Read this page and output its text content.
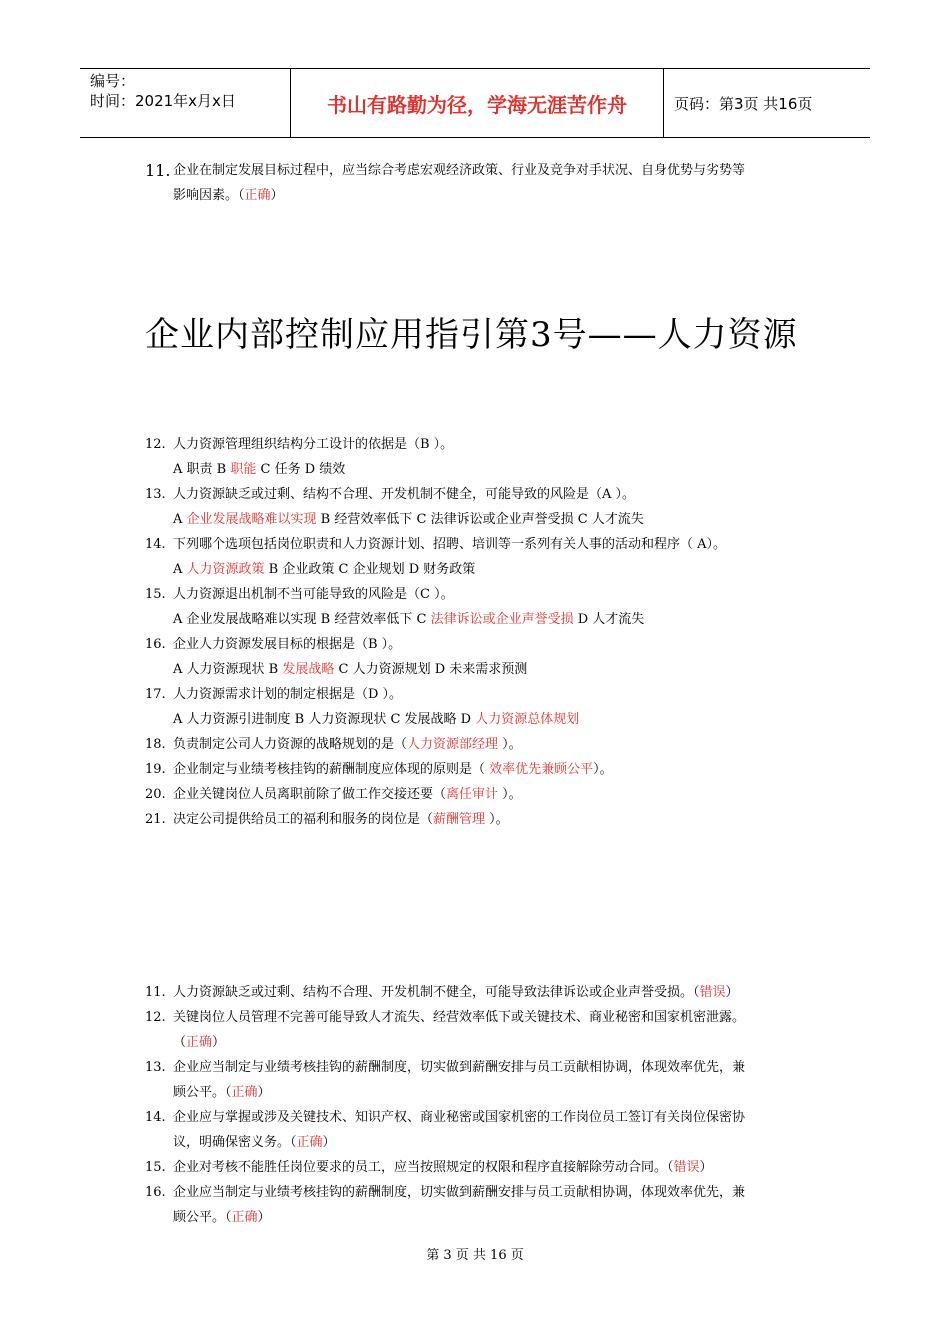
编号：
时间：2021年x月x日	书山有路勤为径，学海无涯苦作舟	页码：第3页 共16页
11. 企业在制定发展目标过程中，应当综合考虑宏观经济政策、行业及竞争对手状况、自身优势与劣势等
影响因素。（正确）
企业内部控制应用指引第3号——人力资源
12. 人力资源管理组织结构分工设计的依据是（B ）。
A 职责 B 职能 C 任务 D 绩效
13. 人力资源缺乏或过剩、结构不合理、开发机制不健全，可能导致的风险是（A ）。
A 企业发展战略难以实现 B 经营效率低下 C 法律诉讼或企业声誉受损 C 人才流失
14. 下列哪个选项包括岗位职责和人力资源计划、招聘、培训等一系列有关人事的活动和程序（ A）。
A 人力资源政策 B 企业政策 C 企业规划 D 财务政策
15. 人力资源退出机制不当可能导致的风险是（C ）。
A 企业发展战略难以实现 B 经营效率低下 C 法律诉讼或企业声誉受损 D 人才流失
16. 企业人力资源发展目标的根据是（B ）。
A 人力资源现状 B 发展战略 C 人力资源规划 D 未来需求预测
17. 人力资源需求计划的制定根据是（D ）。
A 人力资源引进制度 B 人力资源现状 C 发展战略 D 人力资源总体规划
18. 负责制定公司人力资源的战略规划的是（人力资源部经理 ）。
19. 企业制定与业绩考核挂钩的薪酬制度应体现的原则是（ 效率优先兼顾公平）。
20. 企业关键岗位人员离职前除了做工作交接还要（离任审计 ）。
21. 决定公司提供给员工的福利和服务的岗位是（薪酬管理 ）。
11. 人力资源缺乏或过剩、结构不合理、开发机制不健全，可能导致法律诉讼或企业声誉受损。（错误）
12. 关键岗位人员管理不完善可能导致人才流失、经营效率低下或关键技术、商业秘密和国家机密泄露。
（正确）
13. 企业应当制定与业绩考核挂钩的薪酬制度，切实做到薪酬安排与员工贡献相协调，体现效率优先，兼
顾公平。（正确）
14. 企业应与掌握或涉及关键技术、知识产权、商业秘密或国家机密的工作岗位员工签订有关岗位保密协
议，明确保密义务。（正确）
15. 企业对考核不能胜任岗位要求的员工，应当按照规定的权限和程序直接解除劳动合同。（错误）
16. 企业应当制定与业绩考核挂钩的薪酬制度，切实做到薪酬安排与员工贡献相协调，体现效率优先，兼
顾公平。（正确）
第 3 页 共 16 页
